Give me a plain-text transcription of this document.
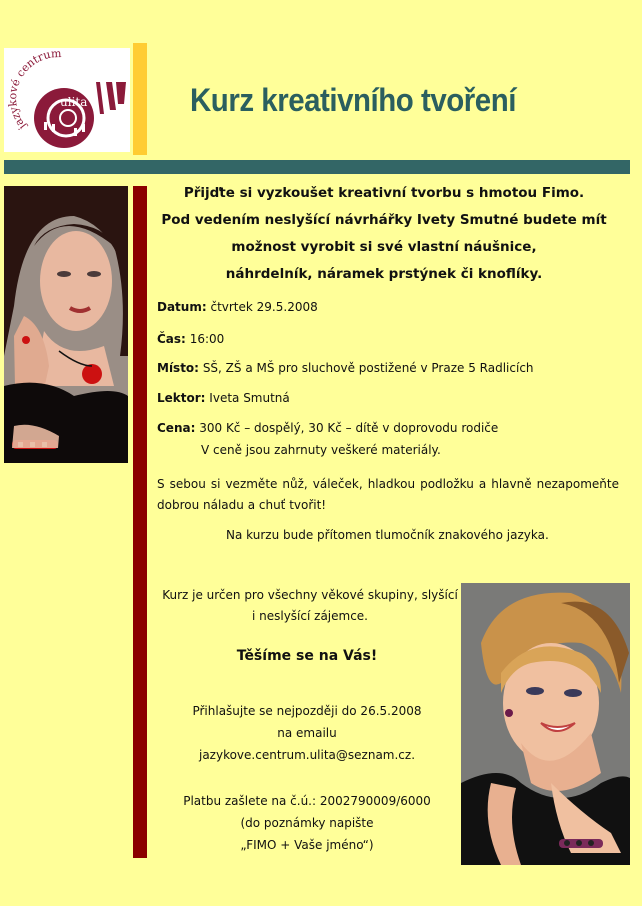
jazykové centrum
ulita	Kurz kreativního tvoření
Přijďte si vyzkoušet kreativní tvorbu s hmotou Fimo.
Pod vedením neslyšící návrhářky Ivety Smutné budete mít
možnost vyrobit si své vlastní náušnice,
náhrdelník, náramek prstýnek či knoflíky.

Datum: čtvrtek 29.5.2008

Čas: 16:00

Místo: SŠ, ZŠ a MŠ pro sluchově postižené v Praze 5 Radlicích

Lektor: Iveta Smutná

Cena: 300 Kč – dospělý, 30 Kč – dítě v doprovodu rodiče

V ceně jsou zahrnuty veškeré materiály.

S sebou si vezměte nůž, váleček, hladkou podložku a hlavně nezapomeňte dobrou náladu a chuť tvořit!

Na kurzu bude přítomen tlumočník znakového jazyka.

Kurz je určen pro všechny věkové skupiny, slyšící
i neslyšící zájemce.

Těšíme se na Vás!

Přihlašujte se nejpozději do 26.5.2008
na emailu
jazykove.centrum.ulita@seznam.cz.
Platbu zašlete na č.ú.: 2002790009/6000
(do poznámky napište
„FIMO + Vaše jméno“)
